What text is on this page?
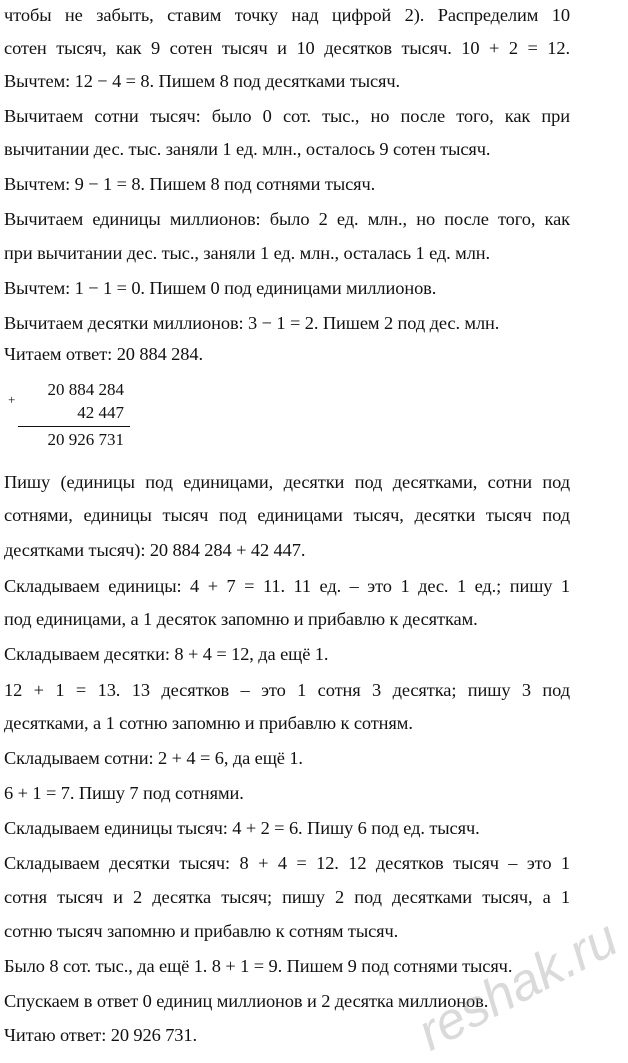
чтобы не забыть, ставим точку над цифрой 2). Распределим 10
сотен тысяч, как 9 сотен тысяч и 10 десятков тысяч. 10 + 2 = 12.
Вычтем: 12 − 4 = 8. Пишем 8 под десятками тысяч.
Вычитаем сотни тысяч: было 0 сот. тыс., но после того, как при
вычитании дес. тыс. заняли 1 ед. млн., осталось 9 сотен тысяч.
Вычтем: 9 − 1 = 8. Пишем 8 под сотнями тысяч.
Вычитаем единицы миллионов: было 2 ед. млн., но после того, как
при вычитании дес. тыс., заняли 1 ед. млн., осталась 1 ед. млн.
Вычтем: 1 − 1 = 0. Пишем 0 под единицами миллионов.
Вычитаем десятки миллионов: 3 − 1 = 2. Пишем 2 под дес. млн.
Читаем ответ: 20 884 284.
+
20 884 284
42 447
20 926 731
Пишу (единицы под единицами, десятки под десятками, сотни под
сотнями, единицы тысяч под единицами тысяч, десятки тысяч под
десятками тысяч): 20 884 284 + 42 447.
Складываем единицы: 4 + 7 = 11. 11 ед. – это 1 дес. 1 ед.; пишу 1
под единицами, а 1 десяток запомню и прибавлю к десяткам.
Складываем десятки: 8 + 4 = 12, да ещё 1.
12 + 1 = 13. 13 десятков – это 1 сотня 3 десятка; пишу 3 под
десятками, а 1 сотню запомню и прибавлю к сотням.
Складываем сотни: 2 + 4 = 6, да ещё 1.
6 + 1 = 7. Пишу 7 под сотнями.
Складываем единицы тысяч: 4 + 2 = 6. Пишу 6 под ед. тысяч.
Складываем десятки тысяч: 8 + 4 = 12. 12 десятков тысяч – это 1
сотня тысяч и 2 десятка тысяч; пишу 2 под десятками тысяч, а 1
сотню тысяч запомню и прибавлю к сотням тысяч.
Было 8 сот. тыс., да ещё 1. 8 + 1 = 9. Пишем 9 под сотнями тысяч.
Спускаем в ответ 0 единиц миллионов и 2 десятка миллионов.
Читаю ответ: 20 926 731.	reshak.ru
